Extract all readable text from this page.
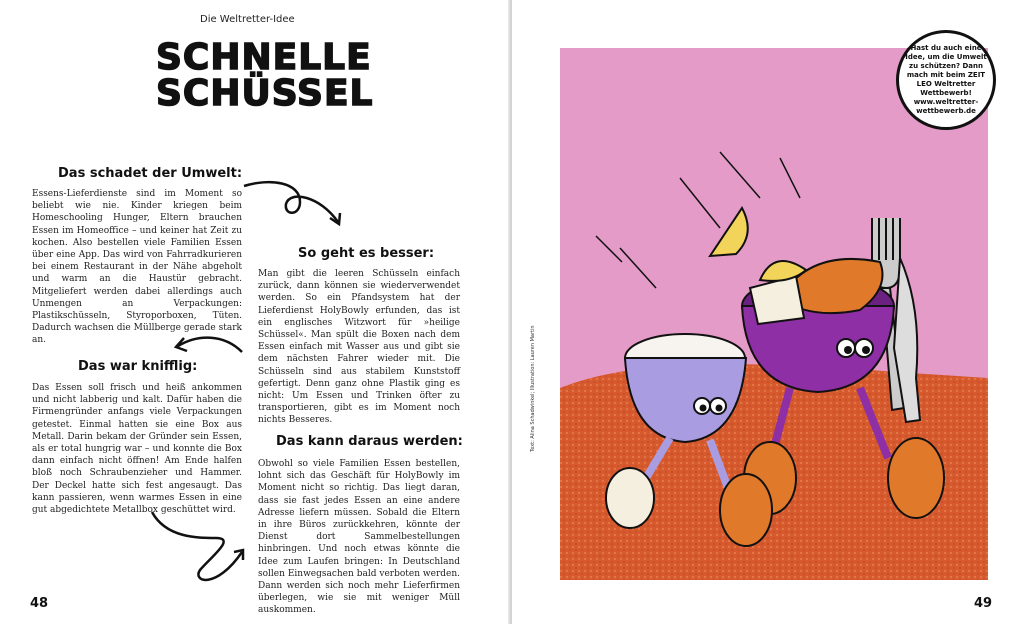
Die Weltretter-Idee
SCHNELLE
SCHÜSSEL
Das schadet der Umwelt:
Essens-Lieferdienste sind im Moment so beliebt wie nie. Kinder kriegen beim Homeschooling Hunger, Eltern brauchen Essen im Homeoffice – und keiner hat Zeit zu kochen. Also bestellen viele Familien Essen über eine App. Das wird von Fahrradkurieren bei einem Restaurant in der Nähe abgeholt und warm an die Haustür gebracht. Mitgeliefert werden dabei allerdings auch Unmengen an Verpackungen: Plastikschüsseln, Styroporboxen, Tüten. Dadurch wachsen die Müllberge gerade stark an.
So geht es besser:
Man gibt die leeren Schüsseln einfach zurück, dann können sie wiederverwendet werden. So ein Pfandsystem hat der Lieferdienst HolyBowly erfunden, das ist ein englisches Witzwort für »heilige Schüssel«. Man spült die Boxen nach dem Essen einfach mit Wasser aus und gibt sie dem nächsten Fahrer wieder mit. Die Schüsseln sind aus stabilem Kunststoff gefertigt. Denn ganz ohne Plastik ging es nicht: Um Essen und Trinken öfter zu transportieren, gibt es im Moment noch nichts Besseres.
Das war knifflig:
Das Essen soll frisch und heiß ankommen und nicht labberig und kalt. Dafür haben die Firmengründer anfangs viele Verpackungen getestet. Einmal hatten sie eine Box aus Metall. Darin bekam der Gründer sein Essen, als er total hungrig war – und konnte die Box dann einfach nicht öffnen! Am Ende halfen bloß noch Schraubenzieher und Hammer. Der Deckel hatte sich fest angesaugt. Das kann passieren, wenn warmes Essen in eine gut abgedichtete Metallbox geschüttet wird.
Das kann daraus werden:
Obwohl so viele Familien Essen bestellen, lohnt sich das Geschäft für HolyBowly im Moment nicht so richtig. Das liegt daran, dass sie fast jedes Essen an eine andere Adresse liefern müssen. Sobald die Eltern in ihre Büros zurückkehren, könnte der Dienst dort Sammelbestellungen hinbringen. Und noch etwas könnte die Idee zum Laufen bringen: In Deutschland sollen Einwegsachen bald verboten werden. Dann werden sich noch mehr Lieferfirmen überlegen, wie sie mit weniger Müll auskommen.
48	49
Text: Alina Schadwinkel; Illustration: Lauren Martin
Hast du auch eine Idee, um die Umwelt zu schützen? Dann mach mit beim ZEIT LEO Weltretter Wettbewerb! www.weltretter-wettbewerb.de
